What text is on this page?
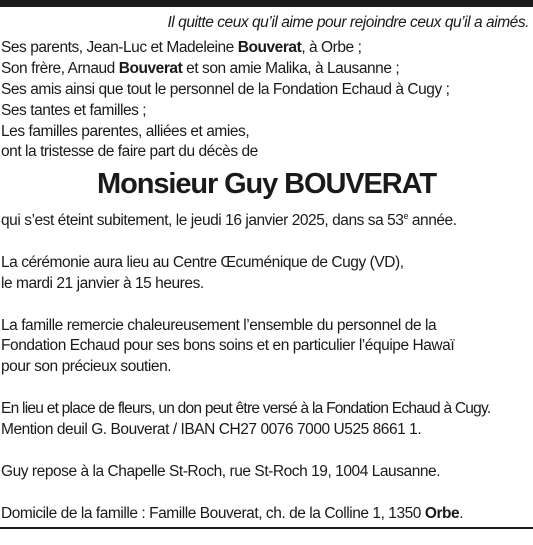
Il quitte ceux qu’il aime pour rejoindre ceux qu’il a aimés.
Ses parents, Jean-Luc et Madeleine Bouverat, à Orbe ;
Son frère, Arnaud Bouverat et son amie Malika, à Lausanne ;
Ses amis ainsi que tout le personnel de la Fondation Echaud à Cugy ;
Ses tantes et familles ;
Les familles parentes, alliées et amies,
ont la tristesse de faire part du décès de
Monsieur Guy BOUVERAT

qui s’est éteint subitement, le jeudi 16 janvier 2025, dans sa 53e année.

La cérémonie aura lieu au Centre Œcuménique de Cugy (VD),
le mardi 21 janvier à 15 heures.

La famille remercie chaleureusement l’ensemble du personnel de la
Fondation Echaud pour ses bons soins et en particulier l’équipe Hawaï
pour son précieux soutien.

En lieu et place de fleurs, un don peut être versé à la Fondation Echaud à Cugy.
Mention deuil G. Bouverat / IBAN CH27 0076 7000 U525 8661 1.

Guy repose à la Chapelle St-Roch, rue St-Roch 19, 1004 Lausanne.

Domicile de la famille : Famille Bouverat, ch. de la Colline 1, 1350 Orbe.
